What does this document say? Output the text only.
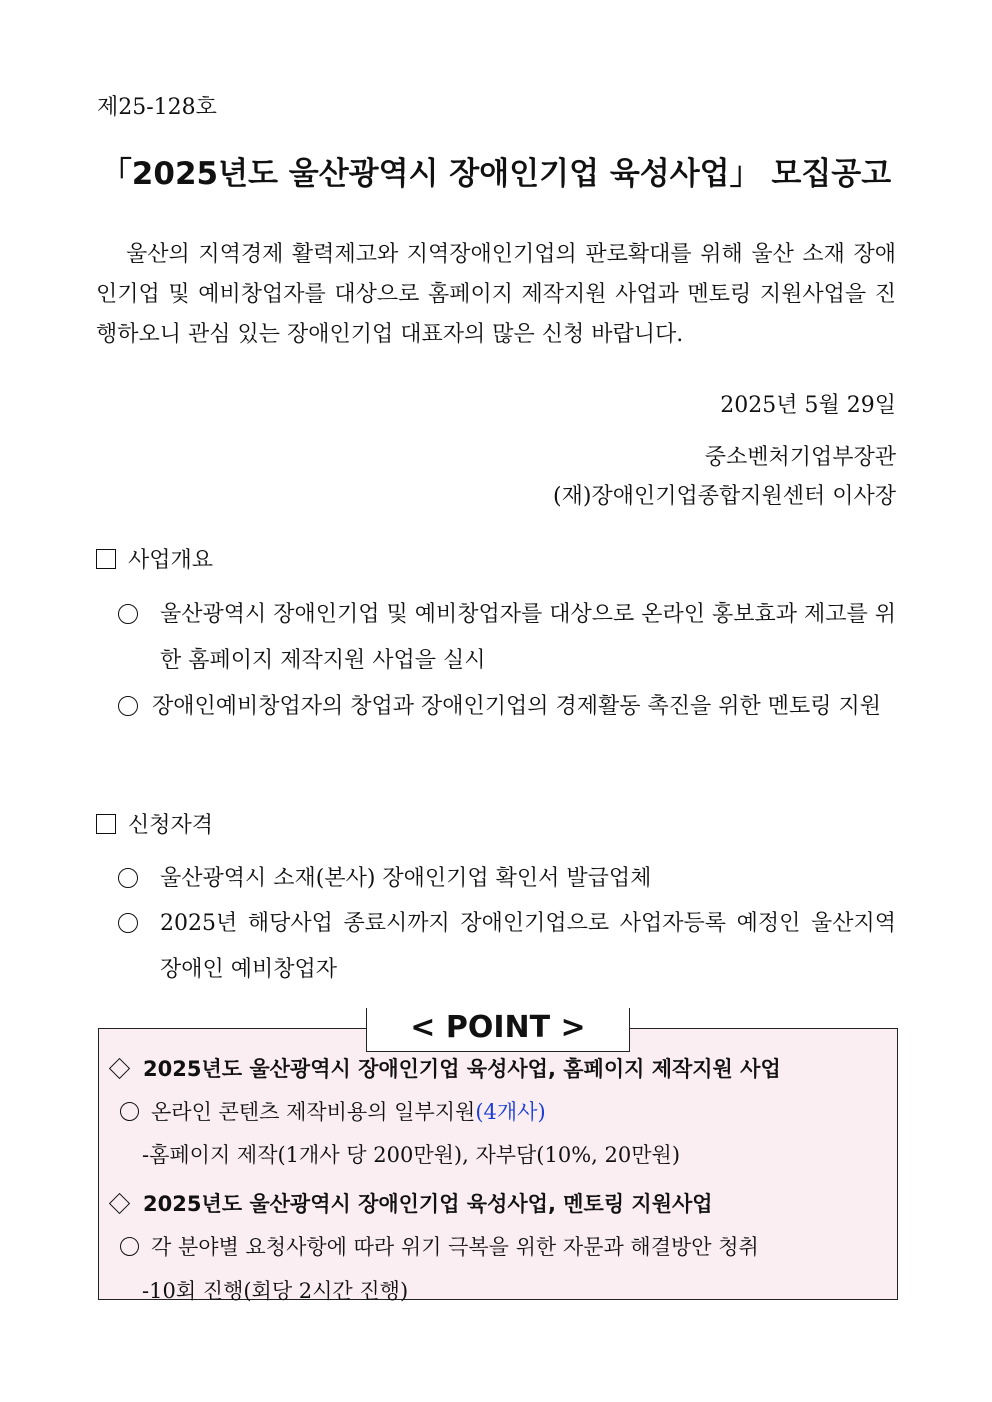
제25-128호
「2025년도 울산광역시 장애인기업 육성사업」 모집공고
울산의 지역경제 활력제고와 지역장애인기업의 판로확대를 위해 울산 소재 장애인기업 및 예비창업자를 대상으로 홈페이지 제작지원 사업과 멘토링 지원사업을 진행하오니 관심 있는 장애인기업 대표자의 많은 신청 바랍니다.
2025년 5월 29일
중소벤처기업부장관
(재)장애인기업종합지원센터 이사장
사업개요
울산광역시 장애인기업 및 예비창업자를 대상으로 온라인 홍보효과 제고를 위한 홈페이지 제작지원 사업을 실시
장애인예비창업자의 창업과 장애인기업의 경제활동 촉진을 위한 멘토링 지원
신청자격
울산광역시 소재(본사) 장애인기업 확인서 발급업체
2025년 해당사업 종료시까지 장애인기업으로 사업자등록 예정인 울산지역 장애인 예비창업자
< POINT >
2025년도 울산광역시 장애인기업 육성사업, 홈페이지 제작지원 사업
온라인 콘텐츠 제작비용의 일부지원 (4개사)
-홈페이지 제작(1개사 당 200만원), 자부담(10%, 20만원)
2025년도 울산광역시 장애인기업 육성사업, 멘토링 지원사업
각 분야별 요청사항에 따라 위기 극복을 위한 자문과 해결방안 청취
-10회 진행(회당 2시간 진행)
